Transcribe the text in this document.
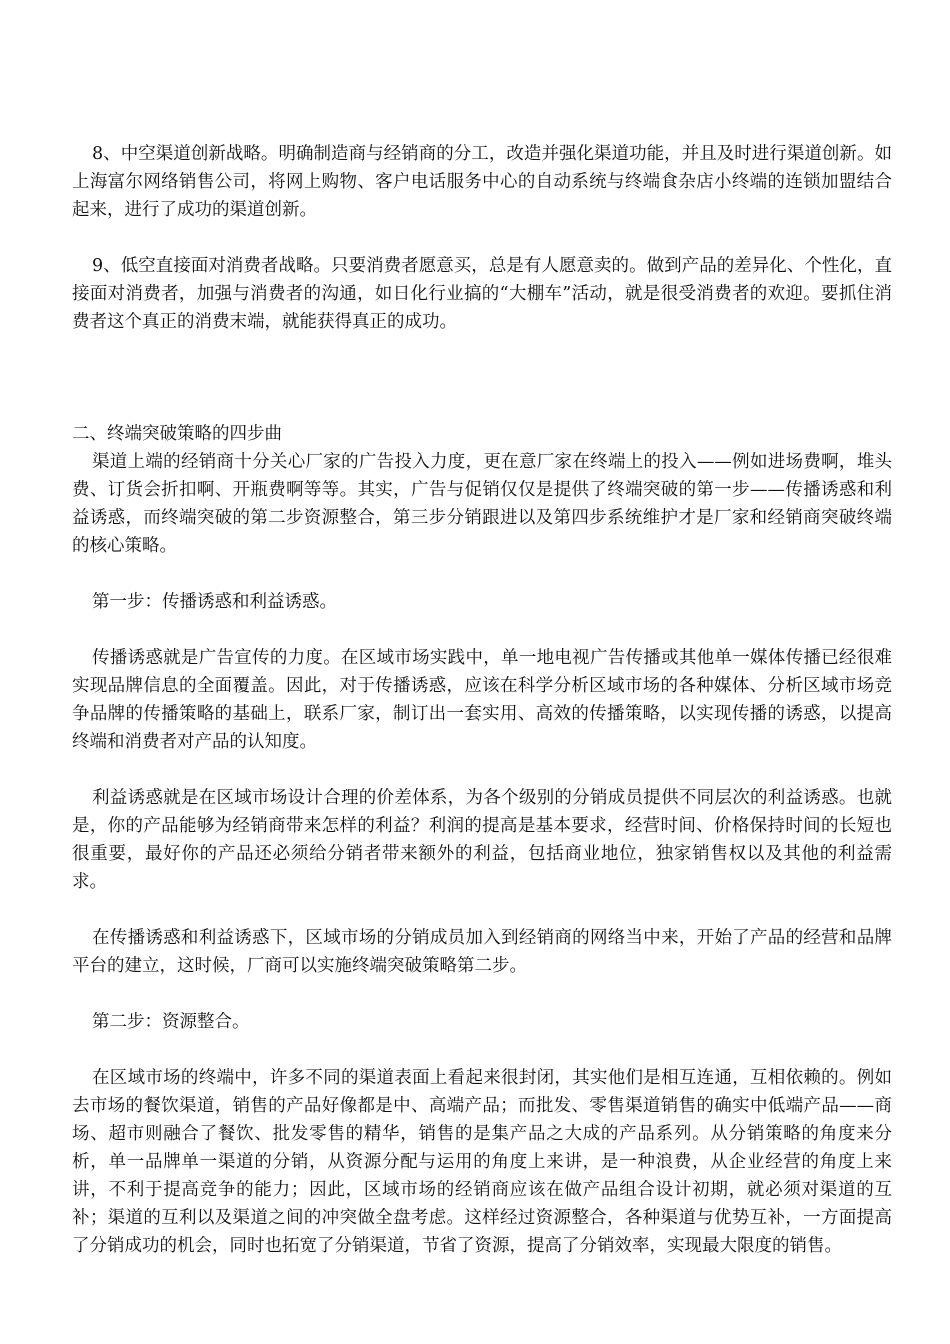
8、中空渠道创新战略。明确制造商与经销商的分工，改造并强化渠道功能，并且及时进行渠道创新。如上海富尔网络销售公司，将网上购物、客户电话服务中心的自动系统与终端食杂店小终端的连锁加盟结合起来，进行了成功的渠道创新。

9、低空直接面对消费者战略。只要消费者愿意买，总是有人愿意卖的。做到产品的差异化、个性化，直接面对消费者，加强与消费者的沟通，如日化行业搞的“大棚车”活动，就是很受消费者的欢迎。要抓住消费者这个真正的消费末端，就能获得真正的成功。

二、终端突破策略的四步曲

渠道上端的经销商十分关心厂家的广告投入力度，更在意厂家在终端上的投入——例如进场费啊，堆头费、订货会折扣啊、开瓶费啊等等。其实，广告与促销仅仅是提供了终端突破的第一步——传播诱惑和利益诱惑，而终端突破的第二步资源整合，第三步分销跟进以及第四步系统维护才是厂家和经销商突破终端的核心策略。

第一步：传播诱惑和利益诱惑。

传播诱惑就是广告宣传的力度。在区域市场实践中，单一地电视广告传播或其他单一媒体传播已经很难实现品牌信息的全面覆盖。因此，对于传播诱惑，应该在科学分析区域市场的各种媒体、分析区域市场竞争品牌的传播策略的基础上，联系厂家，制订出一套实用、高效的传播策略，以实现传播的诱惑，以提高终端和消费者对产品的认知度。

利益诱惑就是在区域市场设计合理的价差体系，为各个级别的分销成员提供不同层次的利益诱惑。也就是，你的产品能够为经销商带来怎样的利益？利润的提高是基本要求，经营时间、价格保持时间的长短也很重要，最好你的产品还必须给分销者带来额外的利益，包括商业地位，独家销售权以及其他的利益需求。

在传播诱惑和利益诱惑下，区域市场的分销成员加入到经销商的网络当中来，开始了产品的经营和品牌平台的建立，这时候，厂商可以实施终端突破策略第二步。

第二步：资源整合。

在区域市场的终端中，许多不同的渠道表面上看起来很封闭，其实他们是相互连通，互相依赖的。例如去市场的餐饮渠道，销售的产品好像都是中、高端产品；而批发、零售渠道销售的确实中低端产品——商场、超市则融合了餐饮、批发零售的精华，销售的是集产品之大成的产品系列。从分销策略的角度来分析，单一品牌单一渠道的分销，从资源分配与运用的角度上来讲，是一种浪费，从企业经营的角度上来讲，不利于提高竞争的能力；因此，区域市场的经销商应该在做产品组合设计初期，就必须对渠道的互补；渠道的互利以及渠道之间的冲突做全盘考虑。这样经过资源整合，各种渠道与优势互补，一方面提高了分销成功的机会，同时也拓宽了分销渠道，节省了资源，提高了分销效率，实现最大限度的销售。
